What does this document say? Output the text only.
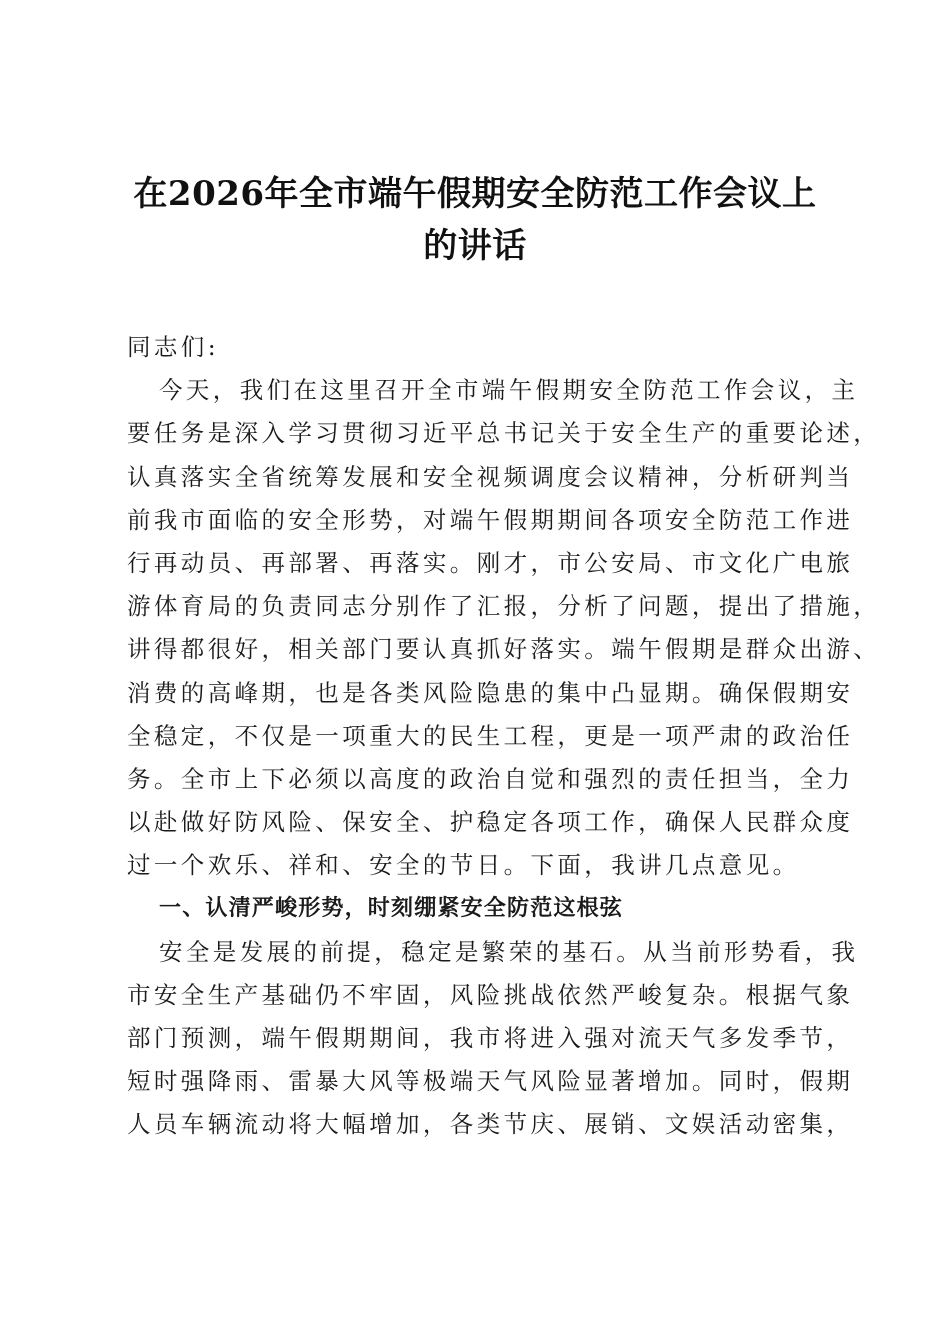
在2026年全市端午假期安全防范工作会议上
的讲话
同志们:
今天，我们在这里召开全市端午假期安全防范工作会议，主
要任务是深入学习贯彻习近平总书记关于安全生产的重要论述，
认真落实全省统筹发展和安全视频调度会议精神，分析研判当
前我市面临的安全形势，对端午假期期间各项安全防范工作进
行再动员、再部署、再落实。刚才，市公安局、市文化广电旅
游体育局的负责同志分别作了汇报，分析了问题，提出了措施，
讲得都很好，相关部门要认真抓好落实。端午假期是群众出游、
消费的高峰期，也是各类风险隐患的集中凸显期。确保假期安
全稳定，不仅是一项重大的民生工程，更是一项严肃的政治任
务。全市上下必须以高度的政治自觉和强烈的责任担当，全力
以赴做好防风险、保安全、护稳定各项工作，确保人民群众度
过一个欢乐、祥和、安全的节日。下面，我讲几点意见。
一、认清严峻形势，时刻绷紧安全防范这根弦
安全是发展的前提，稳定是繁荣的基石。从当前形势看，我
市安全生产基础仍不牢固，风险挑战依然严峻复杂。根据气象
部门预测，端午假期期间，我市将进入强对流天气多发季节，
短时强降雨、雷暴大风等极端天气风险显著增加。同时，假期
人员车辆流动将大幅增加，各类节庆、展销、文娱活动密集，
